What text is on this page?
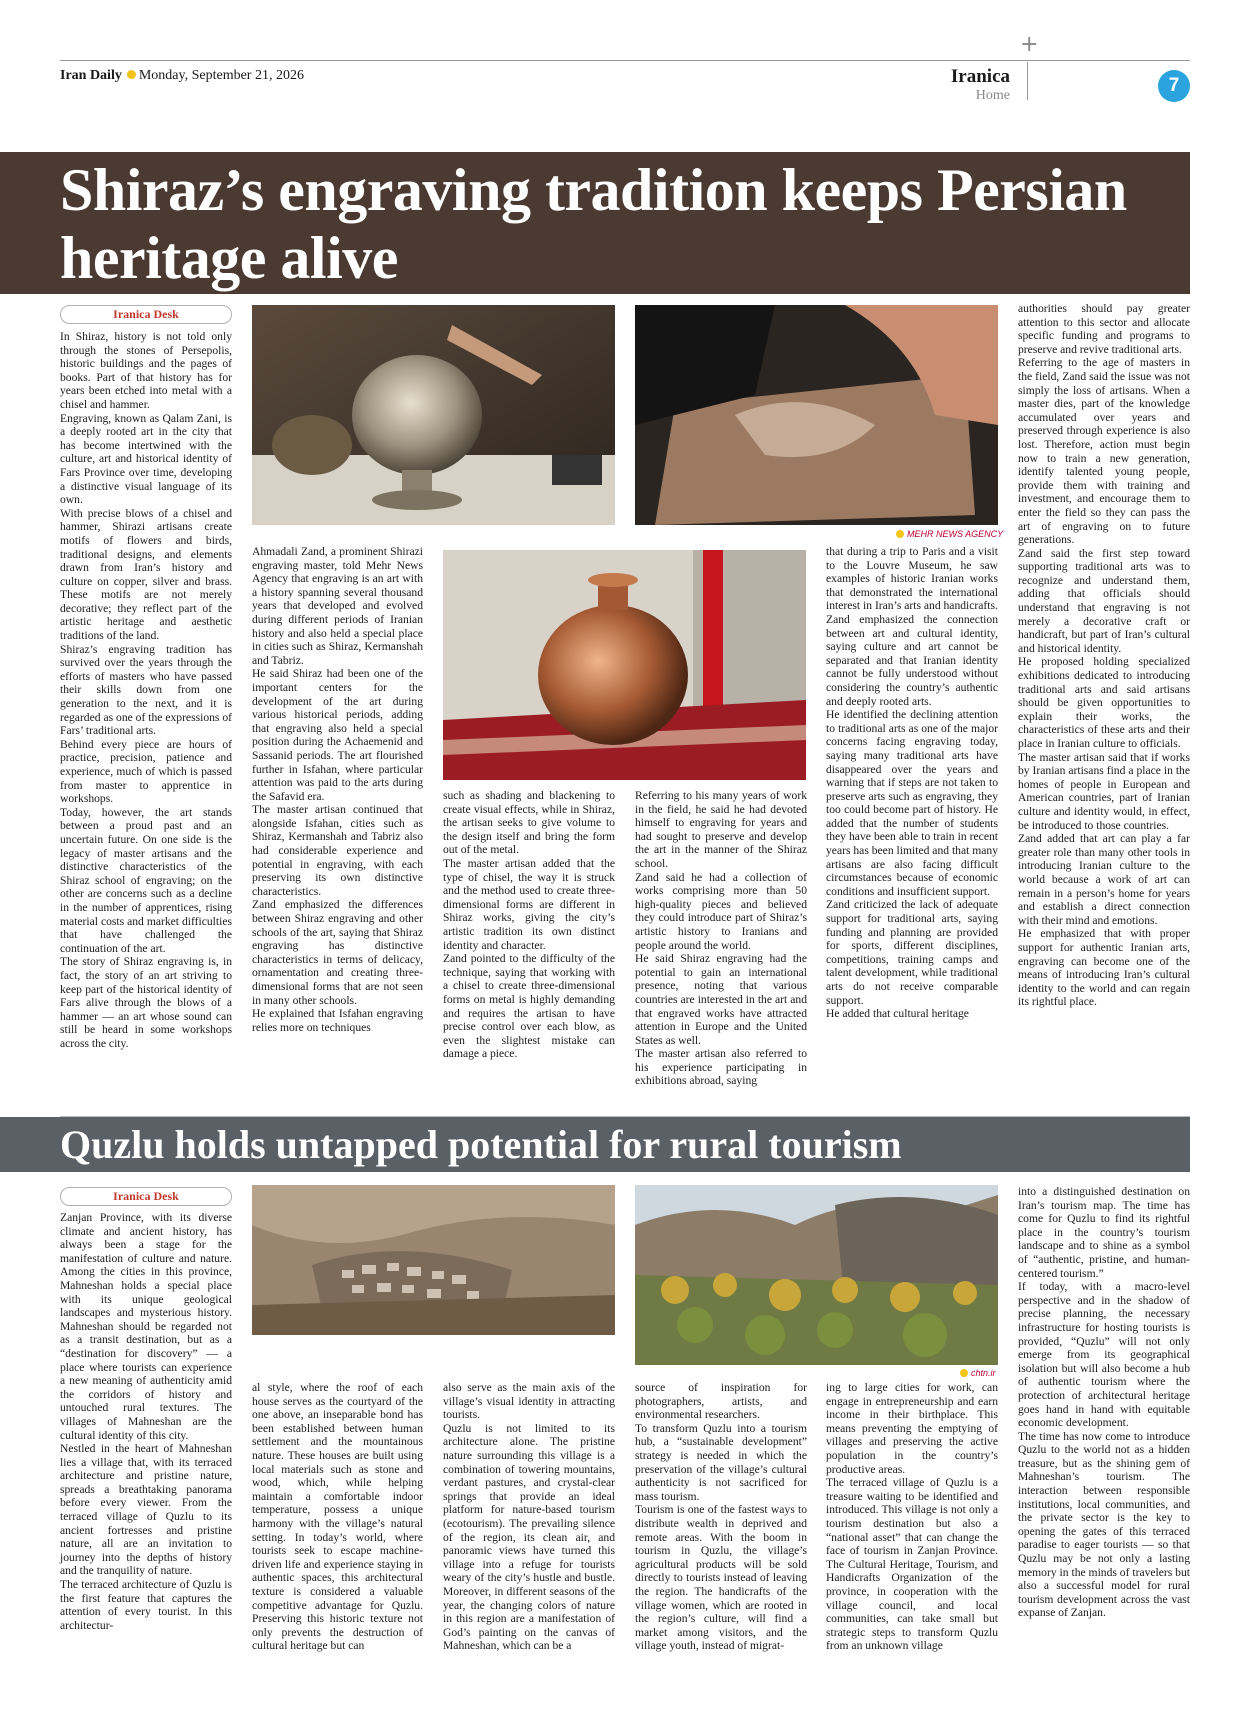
+
Iran Daily Monday, September 21, 2026	Iranica
Home	7
Shiraz’s engraving tradition keeps Persian heritage alive
Iranica Desk
MEHR NEWS AGENCY

In Shiraz, history is not told only through the stones of Persepolis, historic buildings and the pages of books. Part of that history has for years been etched into metal with a chisel and hammer.

Engraving, known as Qalam Zani, is a deeply rooted art in the city that has become intertwined with the culture, art and historical identity of Fars Province over time, developing a distinctive visual language of its own.

With precise blows of a chisel and hammer, Shirazi artisans create motifs of flowers and birds, traditional designs, and elements drawn from Iran’s history and culture on copper, silver and brass. These motifs are not merely decorative; they reflect part of the artistic heritage and aesthetic traditions of the land.

Shiraz’s engraving tradition has survived over the years through the efforts of masters who have passed their skills down from one generation to the next, and it is regarded as one of the expressions of Fars’ traditional arts.

Behind every piece are hours of practice, precision, patience and experience, much of which is passed from master to apprentice in workshops.

Today, however, the art stands between a proud past and an uncertain future. On one side is the legacy of master artisans and the distinctive characteristics of the Shiraz school of engraving; on the other are concerns such as a decline in the number of apprentices, rising material costs and market difficulties that have challenged the continuation of the art.

The story of Shiraz engraving is, in fact, the story of an art striving to keep part of the historical identity of Fars alive through the blows of a hammer — an art whose sound can still be heard in some workshops across the city.

Ahmadali Zand, a prominent Shirazi engraving master, told Mehr News Agency that engraving is an art with a history spanning several thousand years that developed and evolved during different periods of Iranian history and also held a special place in cities such as Shiraz, Kermanshah and Tabriz.

He said Shiraz had been one of the important centers for the development of the art during various historical periods, adding that engraving also held a special position during the Achaemenid and Sassanid periods. The art flourished further in Isfahan, where particular attention was paid to the arts during the Safavid era.

The master artisan continued that alongside Isfahan, cities such as Shiraz, Kermanshah and Tabriz also had considerable experience and potential in engraving, with each preserving its own distinctive characteristics.

Zand emphasized the differences between Shiraz engraving and other schools of the art, saying that Shiraz engraving has distinctive characteristics in terms of delicacy, ornamentation and creating three-dimensional forms that are not seen in many other schools.

He explained that Isfahan engraving relies more on techniques

such as shading and blackening to create visual effects, while in Shiraz, the artisan seeks to give volume to the design itself and bring the form out of the metal.

The master artisan added that the type of chisel, the way it is struck and the method used to create three-dimensional forms are different in Shiraz works, giving the city’s artistic tradition its own distinct identity and character.

Zand pointed to the difficulty of the technique, saying that working with a chisel to create three-dimensional forms on metal is highly demanding and requires the artisan to have precise control over each blow, as even the slightest mistake can damage a piece.

Referring to his many years of work in the field, he said he had devoted himself to engraving for years and had sought to preserve and develop the art in the manner of the Shiraz school.

Zand said he had a collection of works comprising more than 50 high-quality pieces and believed they could introduce part of Shiraz’s artistic history to Iranians and people around the world.

He said Shiraz engraving had the potential to gain an international presence, noting that various countries are interested in the art and that engraved works have attracted attention in Europe and the United States as well.

The master artisan also referred to his experience participating in exhibitions abroad, saying

that during a trip to Paris and a visit to the Louvre Museum, he saw examples of historic Iranian works that demonstrated the international interest in Iran’s arts and handicrafts.

Zand emphasized the connection between art and cultural identity, saying culture and art cannot be separated and that Iranian identity cannot be fully understood without considering the country’s authentic and deeply rooted arts.

He identified the declining attention to traditional arts as one of the major concerns facing engraving today, saying many traditional arts have disappeared over the years and warning that if steps are not taken to preserve arts such as engraving, they too could become part of history. He added that the number of students they have been able to train in recent years has been limited and that many artisans are also facing difficult circumstances because of economic conditions and insufficient support.

Zand criticized the lack of adequate support for traditional arts, saying funding and planning are provided for sports, different disciplines, competitions, training camps and talent development, while traditional arts do not receive comparable support.

He added that cultural heritage

authorities should pay greater attention to this sector and allocate specific funding and programs to preserve and revive traditional arts.

Referring to the age of masters in the field, Zand said the issue was not simply the loss of artisans. When a master dies, part of the knowledge accumulated over years and preserved through experience is also lost. Therefore, action must begin now to train a new generation, identify talented young people, provide them with training and investment, and encourage them to enter the field so they can pass the art of engraving on to future generations.

Zand said the first step toward supporting traditional arts was to recognize and understand them, adding that officials should understand that engraving is not merely a decorative craft or handicraft, but part of Iran’s cultural and historical identity.

He proposed holding specialized exhibitions dedicated to introducing traditional arts and said artisans should be given opportunities to explain their works, the characteristics of these arts and their place in Iranian culture to officials.

The master artisan said that if works by Iranian artisans find a place in the homes of people in European and American countries, part of Iranian culture and identity would, in effect, be introduced to those countries.

Zand added that art can play a far greater role than many other tools in introducing Iranian culture to the world because a work of art can remain in a person’s home for years and establish a direct connection with their mind and emotions.

He emphasized that with proper support for authentic Iranian arts, engraving can become one of the means of introducing Iran’s cultural identity to the world and can regain its rightful place.

Quzlu holds untapped potential for rural tourism
Iranica Desk
chtn.ir

Zanjan Province, with its diverse climate and ancient history, has always been a stage for the manifestation of culture and nature. Among the cities in this province, Mahneshan holds a special place with its unique geological landscapes and mysterious history. Mahneshan should be regarded not as a transit destination, but as a “destination for discovery” — a place where tourists can experience a new meaning of authenticity amid the corridors of history and untouched rural textures. The villages of Mahneshan are the cultural identity of this city.

Nestled in the heart of Mahneshan lies a village that, with its terraced architecture and pristine nature, spreads a breathtaking panorama before every viewer. From the terraced village of Quzlu to its ancient fortresses and pristine nature, all are an invitation to journey into the depths of history and the tranquility of nature.

The terraced architecture of Quzlu is the first feature that captures the attention of every tourist. In this architectur-

al style, where the roof of each house serves as the courtyard of the one above, an inseparable bond has been established between human settlement and the mountainous nature. These houses are built using local materials such as stone and wood, which, while helping maintain a comfortable indoor temperature, possess a unique harmony with the village’s natural setting. In today’s world, where tourists seek to escape machine-driven life and experience staying in authentic spaces, this architectural texture is considered a valuable competitive advantage for Quzlu. Preserving this historic texture not only prevents the destruction of cultural heritage but can

also serve as the main axis of the village’s visual identity in attracting tourists.

Quzlu is not limited to its architecture alone. The pristine nature surrounding this village is a combination of towering mountains, verdant pastures, and crystal-clear springs that provide an ideal platform for nature-based tourism (ecotourism). The prevailing silence of the region, its clean air, and panoramic views have turned this village into a refuge for tourists weary of the city’s hustle and bustle. Moreover, in different seasons of the year, the changing colors of nature in this region are a manifestation of God’s painting on the canvas of Mahneshan, which can be a

source of inspiration for photographers, artists, and environmental researchers.

To transform Quzlu into a tourism hub, a “sustainable development” strategy is needed in which the preservation of the village’s cultural authenticity is not sacrificed for mass tourism.

Tourism is one of the fastest ways to distribute wealth in deprived and remote areas. With the boom in tourism in Quzlu, the village’s agricultural products will be sold directly to tourists instead of leaving the region. The handicrafts of the village women, which are rooted in the region’s culture, will find a market among visitors, and the village youth, instead of migrat-

ing to large cities for work, can engage in entrepreneurship and earn income in their birthplace. This means preventing the emptying of villages and preserving the active population in the country’s productive areas.

The terraced village of Quzlu is a treasure waiting to be identified and introduced. This village is not only a tourism destination but also a “national asset” that can change the face of tourism in Zanjan Province. The Cultural Heritage, Tourism, and Handicrafts Organization of the province, in cooperation with the village council, and local communities, can take small but strategic steps to transform Quzlu from an unknown village

into a distinguished destination on Iran’s tourism map. The time has come for Quzlu to find its rightful place in the country’s tourism landscape and to shine as a symbol of “authentic, pristine, and human-centered tourism.”

If today, with a macro-level perspective and in the shadow of precise planning, the necessary infrastructure for hosting tourists is provided, “Quzlu” will not only emerge from its geographical isolation but will also become a hub of authentic tourism where the protection of architectural heritage goes hand in hand with equitable economic development.

The time has now come to introduce Quzlu to the world not as a hidden treasure, but as the shining gem of Mahneshan’s tourism. The interaction between responsible institutions, local communities, and the private sector is the key to opening the gates of this terraced paradise to eager tourists — so that Quzlu may be not only a lasting memory in the minds of travelers but also a successful model for rural tourism development across the vast expanse of Zanjan.
